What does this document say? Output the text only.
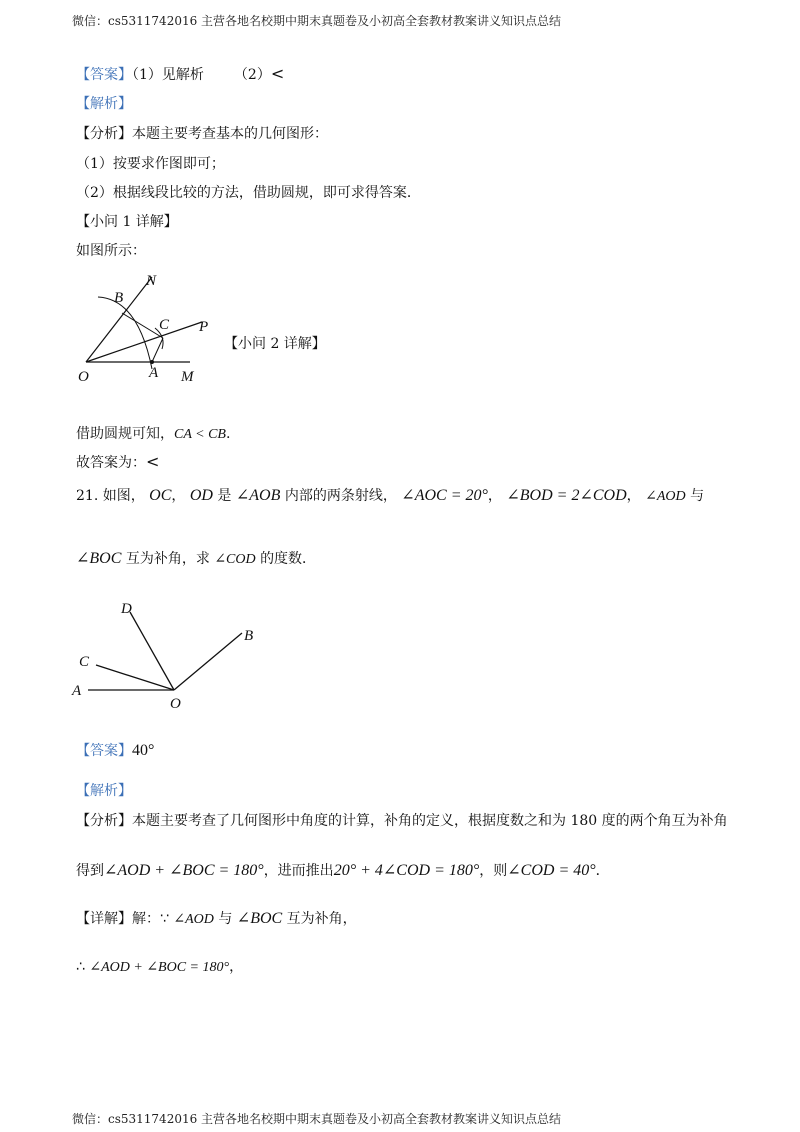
微信：cs5311742016 主营各地名校期中期末真题卷及小初高全套教材教案讲义知识点总结
【答案】（1）见解析 （2）<
【解析】
【分析】本题主要考查基本的几何图形：
（1）按要求作图即可；
（2）根据线段比较的方法，借助圆规，即可求得答案．
【小问 1 详解】
如图所示：
N
B
C P
O	A M
【小问 2 详解】
借助圆规可知，CA < CB.
故答案为：<
21. 如图， OC， OD 是 ∠AOB 内部的两条射线， ∠AOC = 20°， ∠BOD = 2∠COD， ∠AOD 与
∠BOC 互为补角，求 ∠COD 的度数．
D
B
C
A
O
【答案】40°
【解析】
【分析】本题主要考查了几何图形中角度的计算，补角的定义，根据度数之和为 180 度的两个角互为补角
得到∠AOD + ∠BOC = 180°，进而推出20° + 4∠COD = 180°，则∠COD = 40°．
【详解】解：∵ ∠AOD 与 ∠BOC 互为补角，
∴ ∠AOD + ∠BOC = 180°，
微信：cs5311742016 主营各地名校期中期末真题卷及小初高全套教材教案讲义知识点总结
